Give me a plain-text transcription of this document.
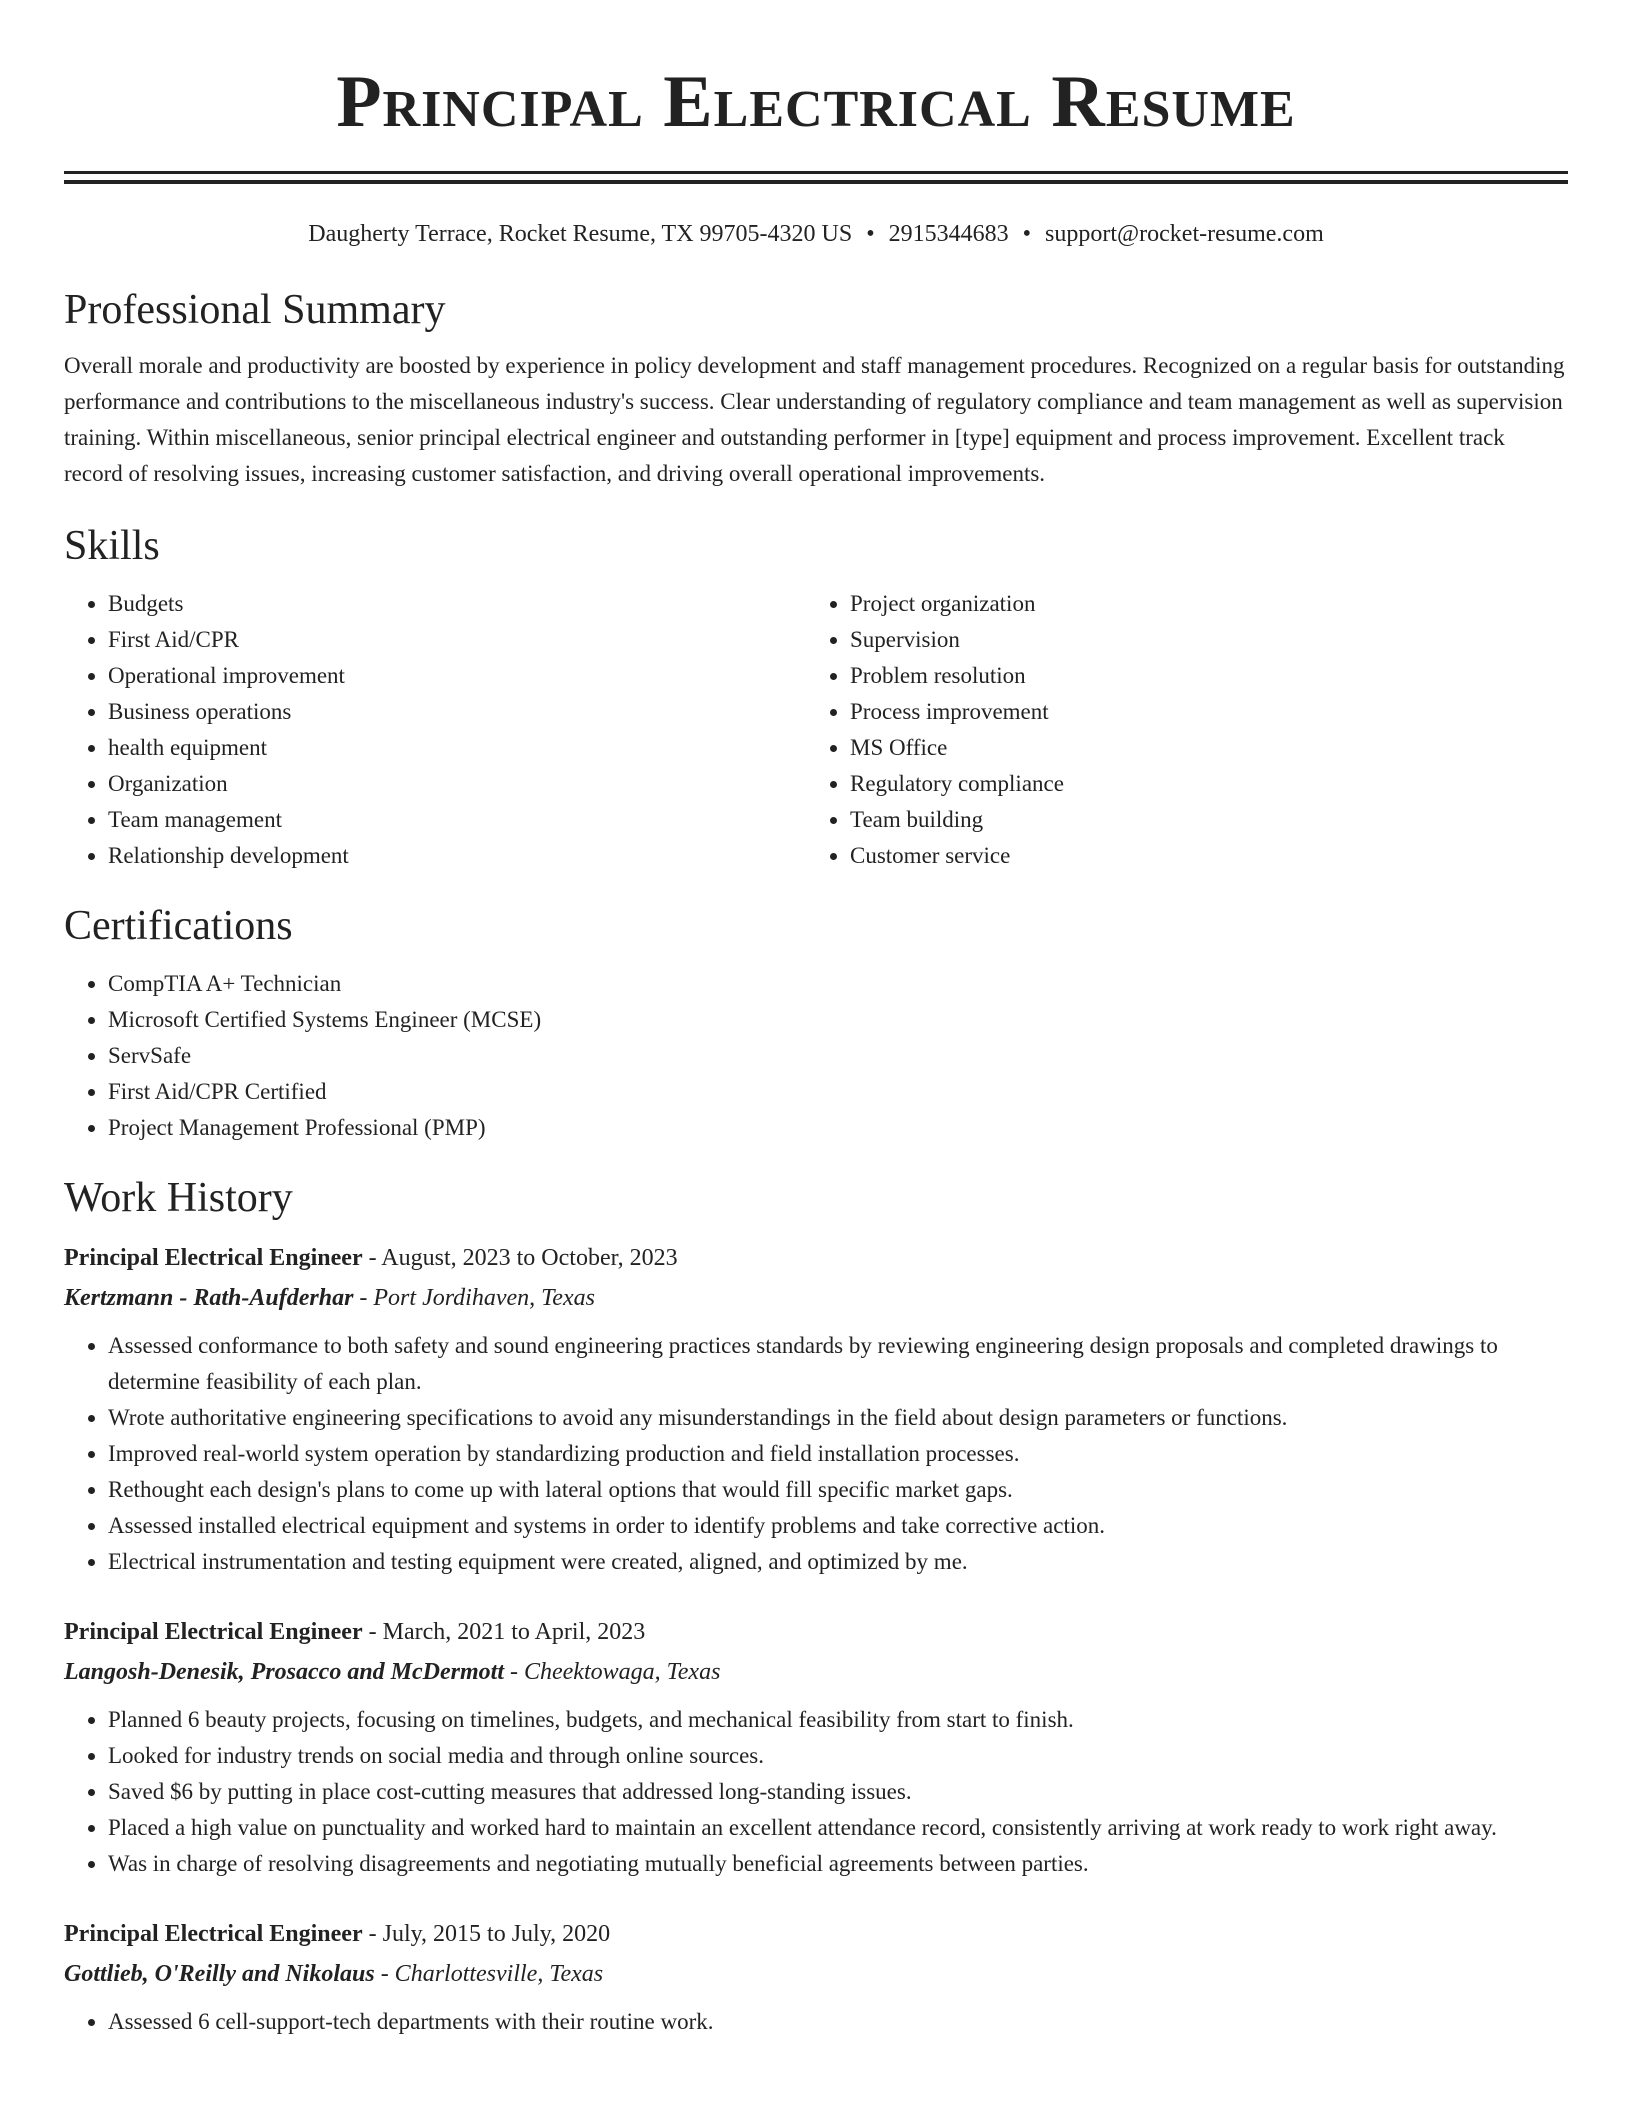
Principal Electrical Resume
Daugherty Terrace, Rocket Resume, TX 99705-4320 US • 2915344683 • support@rocket-resume.com
Professional Summary

Overall morale and productivity are boosted by experience in policy development and staff management procedures. Recognized on a regular basis for outstanding performance and contributions to the miscellaneous industry's success. Clear understanding of regulatory compliance and team management as well as supervision training. Within miscellaneous, senior principal electrical engineer and outstanding performer in [type] equipment and process improvement. Excellent track record of resolving issues, increasing customer satisfaction, and driving overall operational improvements.

Skills
• Budgets
• First Aid/CPR
• Operational improvement
• Business operations
• health equipment
• Organization
• Team management
• Relationship development
• Project organization
• Supervision
• Problem resolution
• Process improvement
• MS Office
• Regulatory compliance
• Team building
• Customer service
Certifications
• CompTIA A+ Technician
• Microsoft Certified Systems Engineer (MCSE)
• ServSafe
• First Aid/CPR Certified
• Project Management Professional (PMP)
Work History
Principal Electrical Engineer - August, 2023 to October, 2023
Kertzmann - Rath-Aufderhar - Port Jordihaven, Texas
• Assessed conformance to both safety and sound engineering practices standards by reviewing engineering design proposals and completed drawings to determine feasibility of each plan.
• Wrote authoritative engineering specifications to avoid any misunderstandings in the field about design parameters or functions.
• Improved real-world system operation by standardizing production and field installation processes.
• Rethought each design's plans to come up with lateral options that would fill specific market gaps.
• Assessed installed electrical equipment and systems in order to identify problems and take corrective action.
• Electrical instrumentation and testing equipment were created, aligned, and optimized by me.
Principal Electrical Engineer - March, 2021 to April, 2023
Langosh-Denesik, Prosacco and McDermott - Cheektowaga, Texas
• Planned 6 beauty projects, focusing on timelines, budgets, and mechanical feasibility from start to finish.
• Looked for industry trends on social media and through online sources.
• Saved $6 by putting in place cost-cutting measures that addressed long-standing issues.
• Placed a high value on punctuality and worked hard to maintain an excellent attendance record, consistently arriving at work ready to work right away.
• Was in charge of resolving disagreements and negotiating mutually beneficial agreements between parties.
Principal Electrical Engineer - July, 2015 to July, 2020
Gottlieb, O'Reilly and Nikolaus - Charlottesville, Texas
• Assessed 6 cell-support-tech departments with their routine work.
